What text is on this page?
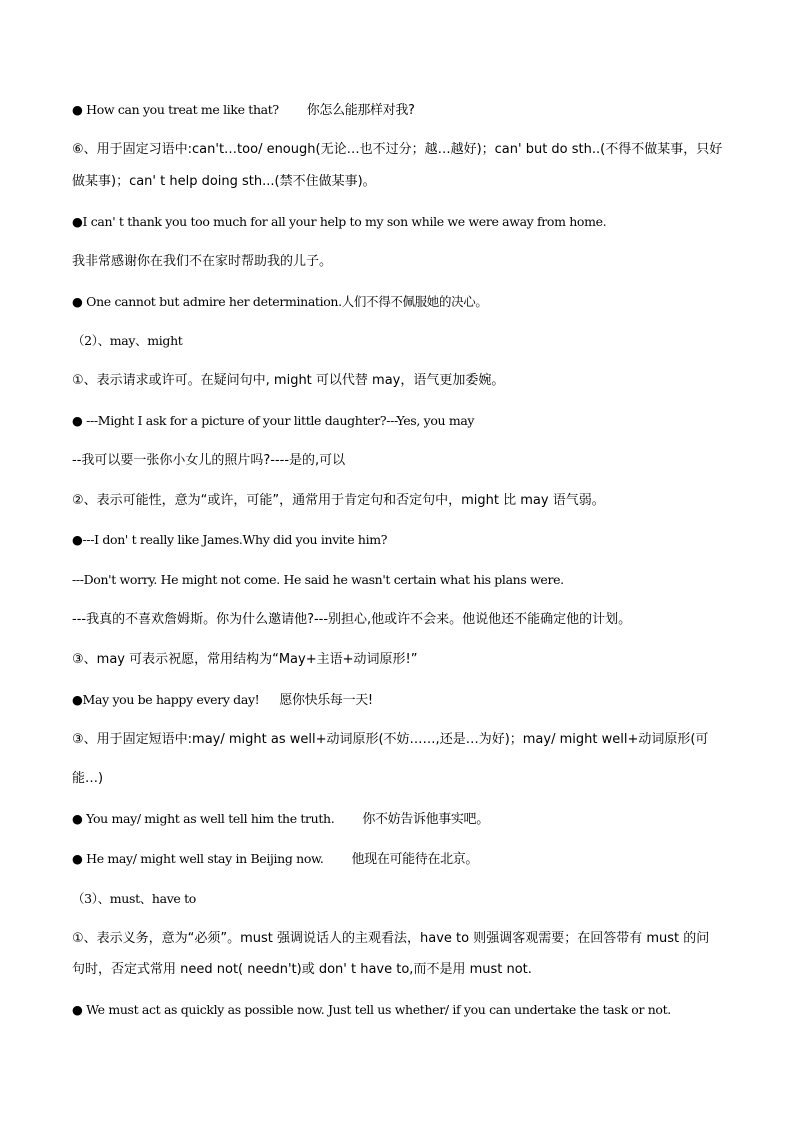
● How can you treat me like that? 你怎么能那样对我?
⑥、用于固定习语中:can't…too/ enough(无论…也不过分；越…越好)；can' but do sth..(不得不做某事，只好
做某事)；can' t help doing sth...(禁不住做某事)。
●I can' t thank you too much for all your help to my son while we were away from home.
我非常感谢你在我们不在家时帮助我的儿子。
● One cannot but admire her determination.人们不得不佩服她的决心。
（2）、may、might
①、表示请求或许可。在疑问句中, might 可以代替 may，语气更加委婉。
● ---Might I ask for a picture of your little daughter?---Yes, you may
--我可以要一张你小女儿的照片吗?----是的,可以
②、表示可能性，意为“或许，可能”，通常用于肯定句和否定句中，might 比 may 语气弱。
●---I don' t really like James.Why did you invite him?
---Don't worry. He might not come. He said he wasn't certain what his plans were.
---我真的不喜欢詹姆斯。你为什么邀请他?---别担心,他或许不会来。他说他还不能确定他的计划。
③、may 可表示祝愿，常用结构为“May+主语+动词原形!”
●May you be happy every day! 愿你快乐每一天!
③、用于固定短语中:may/ might as well+动词原形(不妨……,还是…为好)；may/ might well+动词原形(可
能…)
● You may/ might as well tell him the truth. 你不妨告诉他事实吧。
● He may/ might well stay in Beijing now. 他现在可能待在北京。
（3）、must、have to
①、表示义务，意为“必须”。must 强调说话人的主观看法，have to 则强调客观需要；在回答带有 must 的问
句时，否定式常用 need not( needn't)或 don' t have to,而不是用 must not.
● We must act as quickly as possible now. Just tell us whether/ if you can undertake the task or not.
